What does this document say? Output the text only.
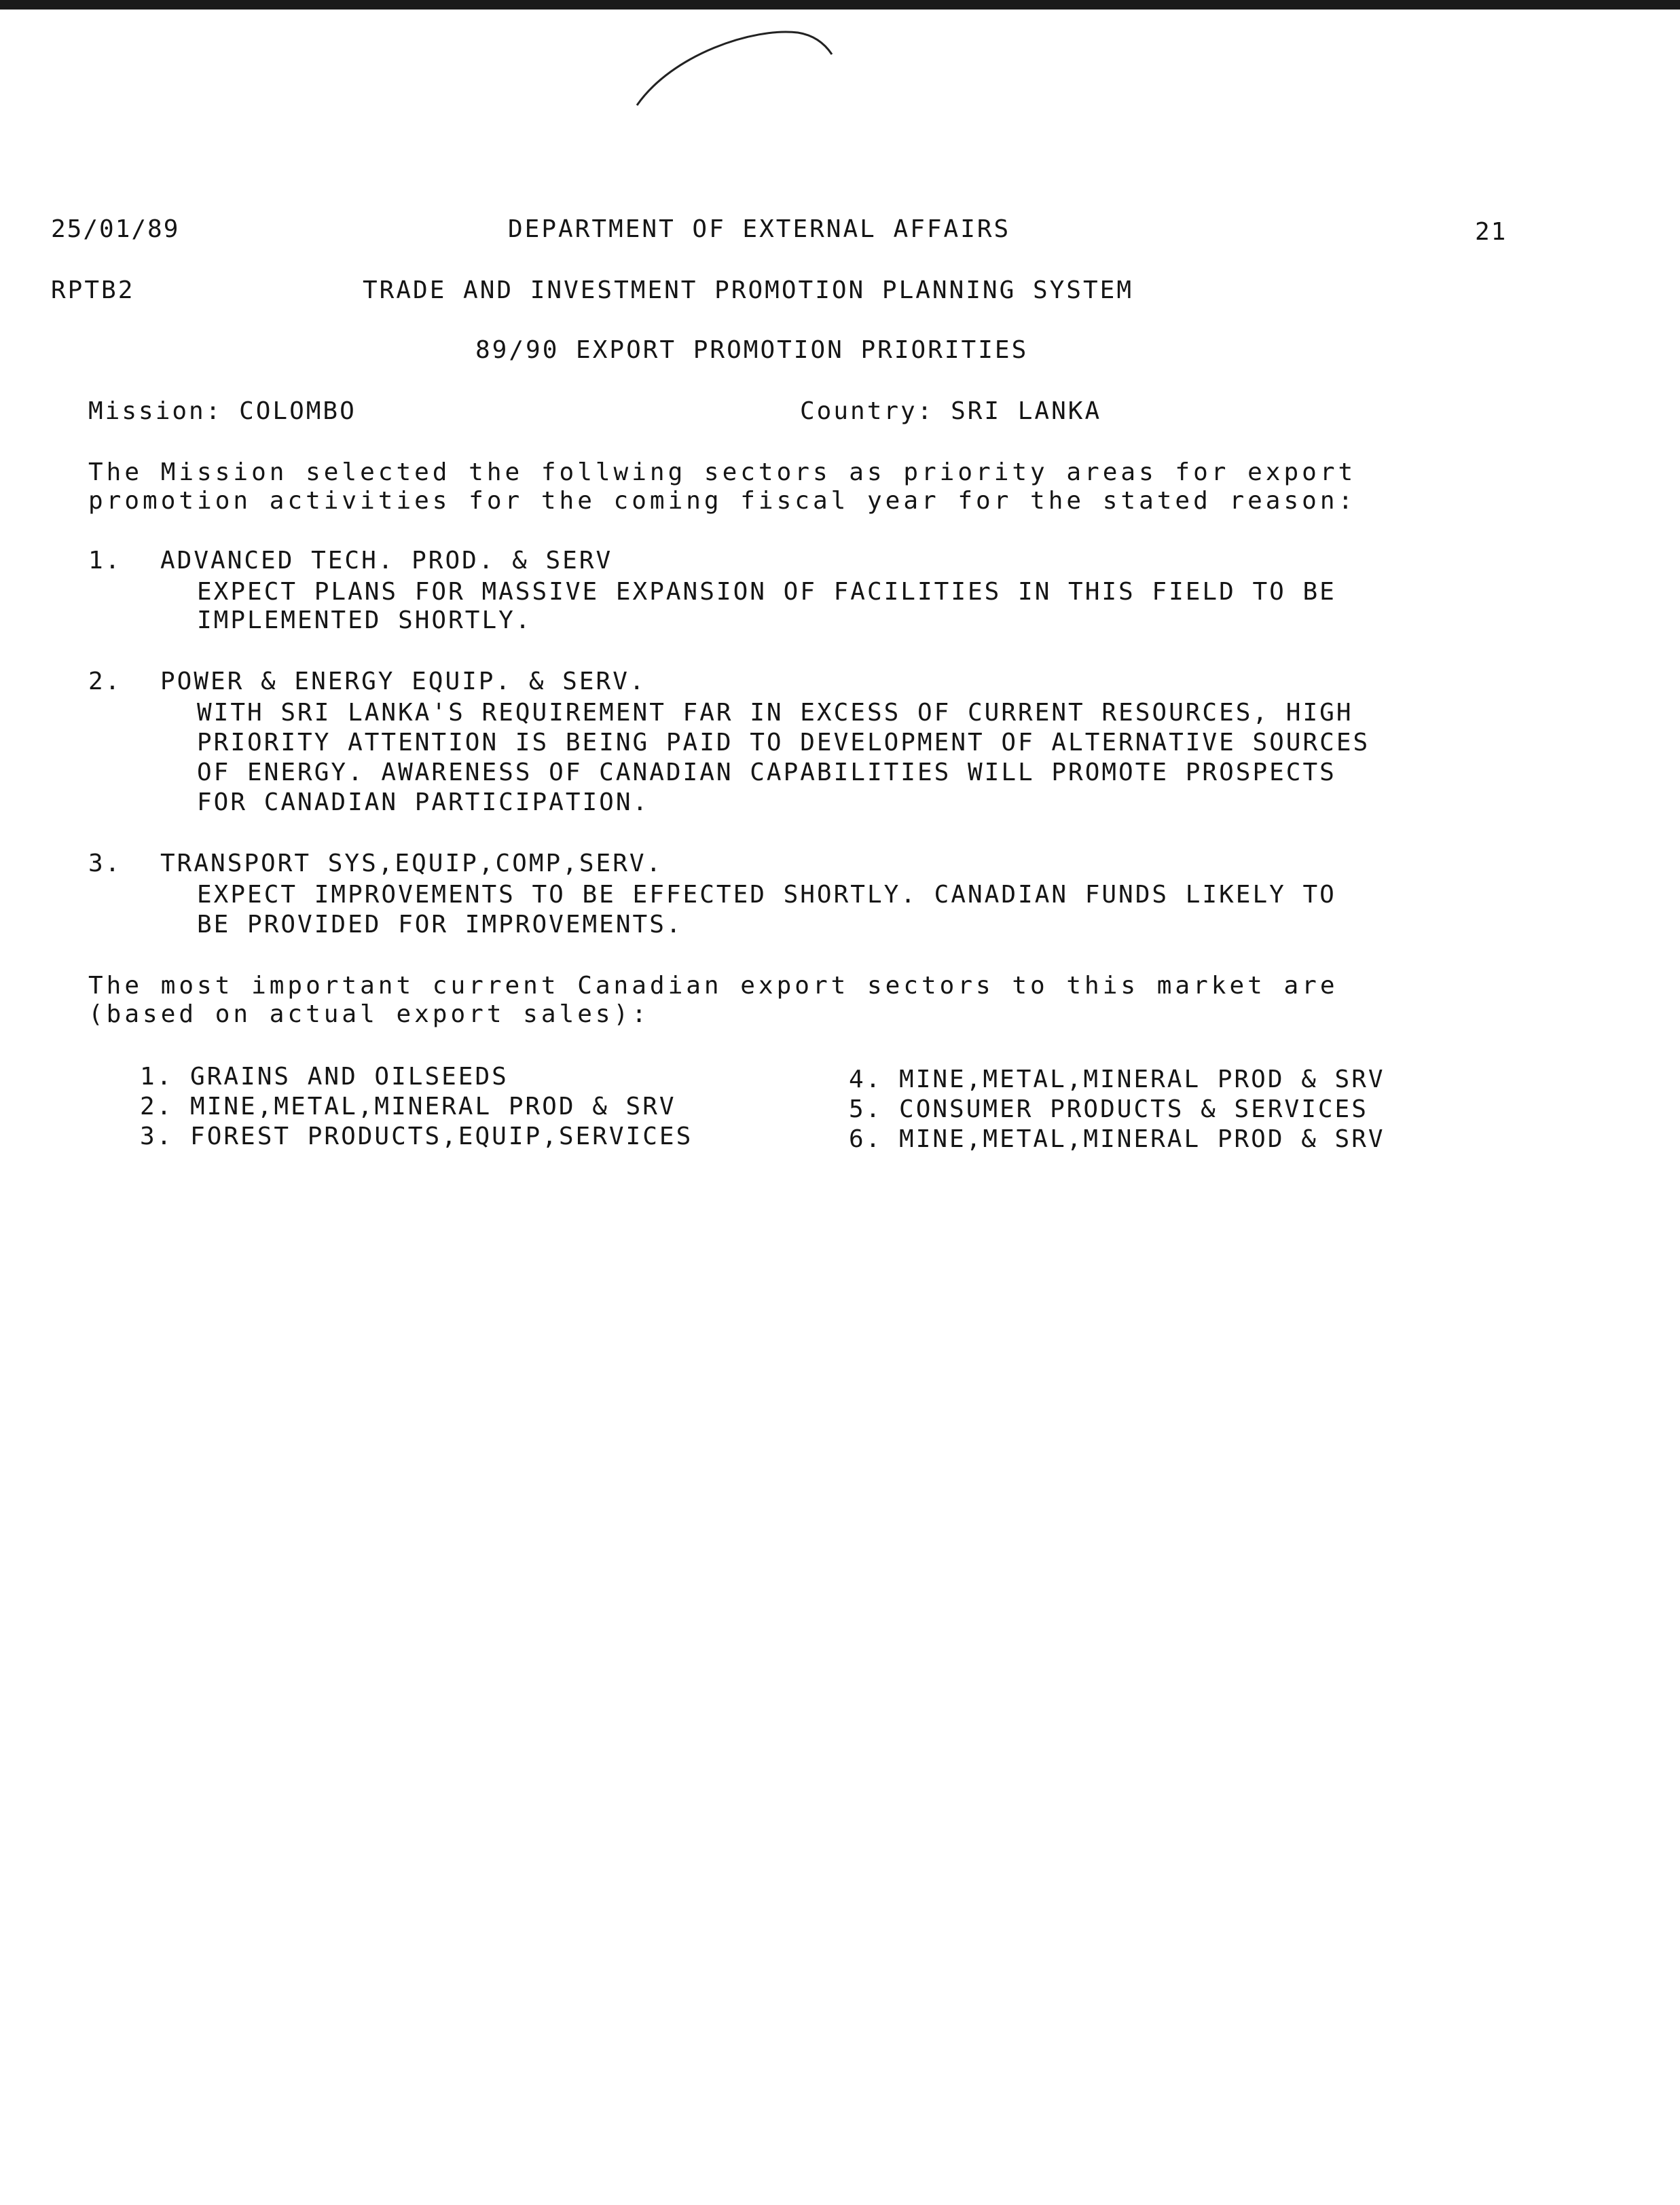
25/01/89	DEPARTMENT OF EXTERNAL AFFAIRS	21
RPTB2	TRADE AND INVESTMENT PROMOTION PLANNING SYSTEM
89/90 EXPORT PROMOTION PRIORITIES
Mission: COLOMBO	Country: SRI LANKA
The Mission selected the follwing sectors as priority areas for export
promotion activities for the coming fiscal year for the stated reason:
1. ADVANCED TECH. PROD. & SERV
EXPECT PLANS FOR MASSIVE EXPANSION OF FACILITIES IN THIS FIELD TO BE
IMPLEMENTED SHORTLY.
2. POWER & ENERGY EQUIP. & SERV.
WITH SRI LANKA'S REQUIREMENT FAR IN EXCESS OF CURRENT RESOURCES, HIGH
PRIORITY ATTENTION IS BEING PAID TO DEVELOPMENT OF ALTERNATIVE SOURCES
OF ENERGY. AWARENESS OF CANADIAN CAPABILITIES WILL PROMOTE PROSPECTS
FOR CANADIAN PARTICIPATION.
3. TRANSPORT SYS,EQUIP,COMP,SERV.
EXPECT IMPROVEMENTS TO BE EFFECTED SHORTLY. CANADIAN FUNDS LIKELY TO
BE PROVIDED FOR IMPROVEMENTS.
The most important current Canadian export sectors to this market are
(based on actual export sales):
1. GRAINS AND OILSEEDS
2. MINE,METAL,MINERAL PROD & SRV
3. FOREST PRODUCTS,EQUIP,SERVICES
4. MINE,METAL,MINERAL PROD & SRV
5. CONSUMER PRODUCTS & SERVICES
6. MINE,METAL,MINERAL PROD & SRV
